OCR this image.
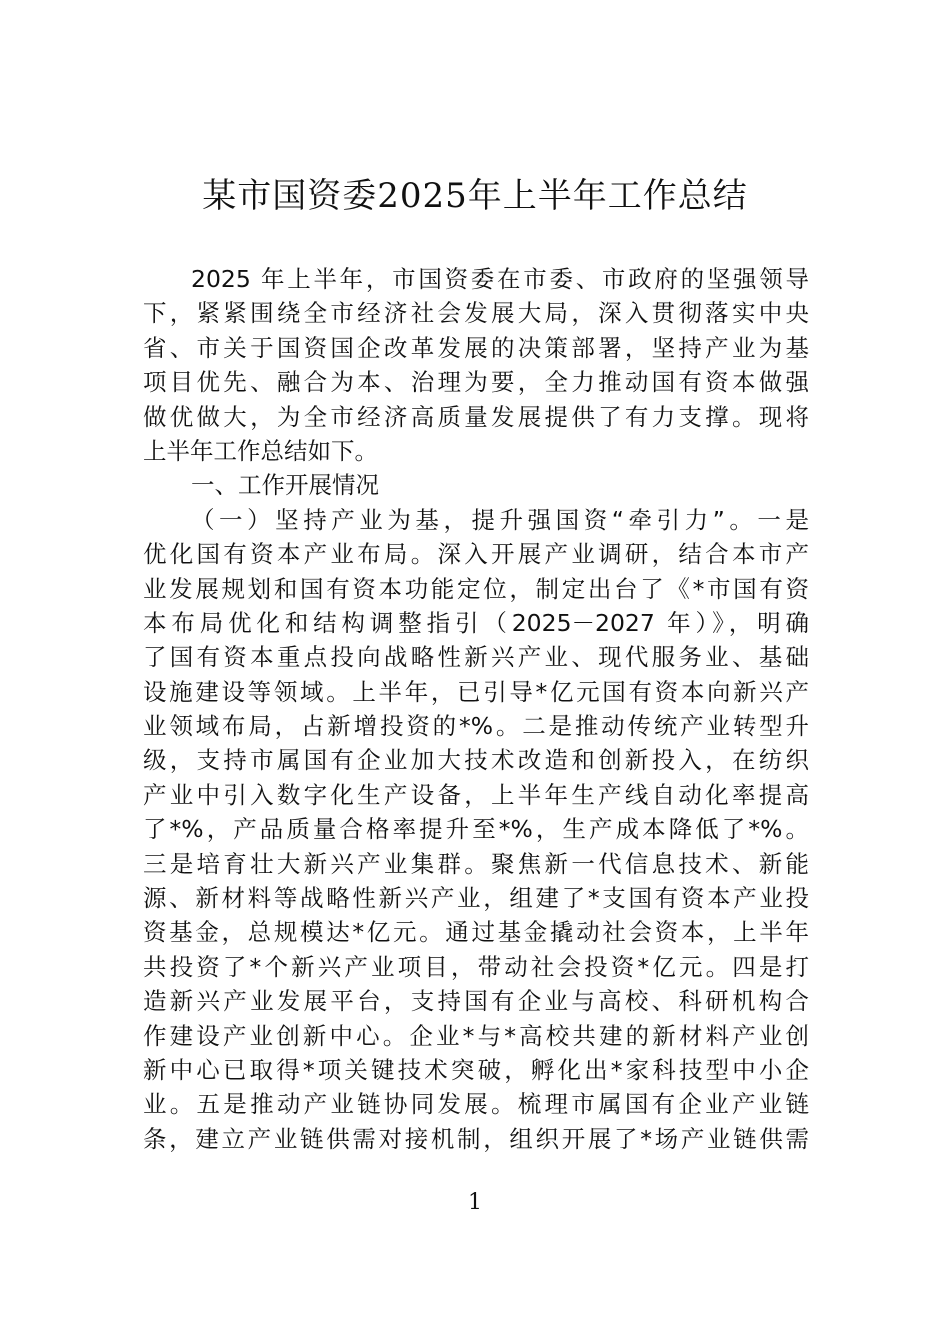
某市国资委2025年上半年工作总结
2025 年上半年，市国资委在市委、市政府的坚强领导
下，紧紧围绕全市经济社会发展大局，深入贯彻落实中央
省、市关于国资国企改革发展的决策部署，坚持产业为基
项目优先、融合为本、治理为要，全力推动国有资本做强
做优做大，为全市经济高质量发展提供了有力支撑。现将
上半年工作总结如下。
一、工作开展情况
（一）坚持产业为基，提升强国资“牵引力”。一是
优化国有资本产业布局。深入开展产业调研，结合本市产
业发展规划和国有资本功能定位，制定出台了《*市国有资
本布局优化和结构调整指引（2025－2027 年）》，明确
了国有资本重点投向战略性新兴产业、现代服务业、基础
设施建设等领域。上半年，已引导*亿元国有资本向新兴产
业领域布局，占新增投资的*%。二是推动传统产业转型升
级，支持市属国有企业加大技术改造和创新投入，在纺织
产业中引入数字化生产设备，上半年生产线自动化率提高
了*%，产品质量合格率提升至*%，生产成本降低了*%。
三是培育壮大新兴产业集群。聚焦新一代信息技术、新能
源、新材料等战略性新兴产业，组建了*支国有资本产业投
资基金，总规模达*亿元。通过基金撬动社会资本，上半年
共投资了*个新兴产业项目，带动社会投资*亿元。四是打
造新兴产业发展平台，支持国有企业与高校、科研机构合
作建设产业创新中心。企业*与*高校共建的新材料产业创
新中心已取得*项关键技术突破，孵化出*家科技型中小企
业。五是推动产业链协同发展。梳理市属国有企业产业链
条，建立产业链供需对接机制，组织开展了*场产业链供需
1
